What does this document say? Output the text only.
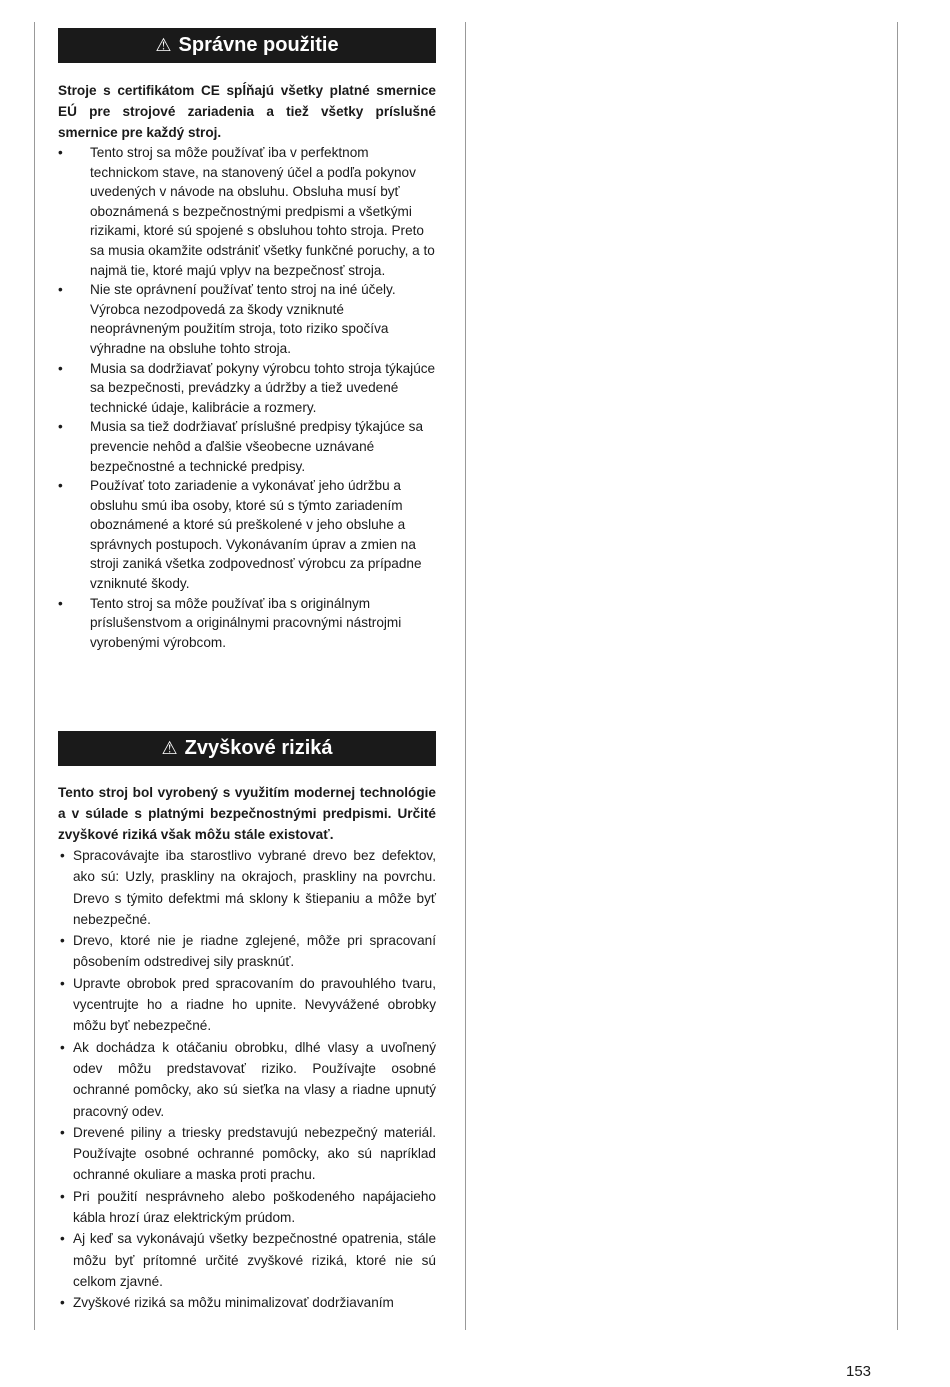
⚠ Správne použitie

Stroje s certifikátom CE spĺňajú všetky platné smernice EÚ pre strojové zariadenia a tiež všetky príslušné smernice pre každý stroj.

• Tento stroj sa môže používať iba v perfektnom technickom stave, na stanovený účel a podľa pokynov uvedených v návode na obsluhu. Obsluha musí byť oboznámená s bezpečnostnými predpismi a všetkými rizikami, ktoré sú spojené s obsluhou tohto stroja. Preto sa musia okamžite odstrániť všetky funkčné poruchy, a to najmä tie, ktoré majú vplyv na bezpečnosť stroja.
• Nie ste oprávnení používať tento stroj na iné účely. Výrobca nezodpovedá za škody vzniknuté neoprávneným použitím stroja, toto riziko spočíva výhradne na obsluhe tohto stroja.
• Musia sa dodržiavať pokyny výrobcu tohto stroja týkajúce sa bezpečnosti, prevádzky a údržby a tiež uvedené technické údaje, kalibrácie a rozmery.
• Musia sa tiež dodržiavať príslušné predpisy týkajúce sa prevencie nehôd a ďalšie všeobecne uznávané bezpečnostné a technické predpisy.
• Používať toto zariadenie a vykonávať jeho údržbu a obsluhu smú iba osoby, ktoré sú s týmto zariadením oboznámené a ktoré sú preškolené v jeho obsluhe a správnych postupoch. Vykonávaním úprav a zmien na stroji zaniká všetka zodpovednosť výrobcu za prípadne vzniknuté škody.
• Tento stroj sa môže používať iba s originálnym príslušenstvom a originálnymi pracovnými nástrojmi vyrobenými výrobcom.
⚠ Zvyškové riziká

Tento stroj bol vyrobený s využitím modernej technológie a v súlade s platnými bezpečnostnými predpismi. Určité zvyškové riziká však môžu stále existovať.

• Spracovávajte iba starostlivo vybrané drevo bez defektov, ako sú: Uzly, praskliny na okrajoch, praskliny na povrchu. Drevo s týmito defektmi má sklony k štiepaniu a môže byť nebezpečné.
• Drevo, ktoré nie je riadne zglejené, môže pri spracovaní pôsobením odstredivej sily prasknúť.
• Upravte obrobok pred spracovaním do pravouhlého tvaru, vycentrujte ho a riadne ho upnite. Nevyvážené obrobky môžu byť nebezpečné.
• Ak dochádza k otáčaniu obrobku, dlhé vlasy a uvoľnený odev môžu predstavovať riziko. Používajte osobné ochranné pomôcky, ako sú sieťka na vlasy a riadne upnutý pracovný odev.
• Drevené piliny a triesky predstavujú nebezpečný materiál. Používajte osobné ochranné pomôcky, ako sú napríklad ochranné okuliare a maska proti prachu.
• Pri použití nesprávneho alebo poškodeného napájacieho kábla hrozí úraz elektrickým prúdom.
• Aj keď sa vykonávajú všetky bezpečnostné opatrenia, stále môžu byť prítomné určité zvyškové riziká, ktoré nie sú celkom zjavné.
• Zvyškové riziká sa môžu minimalizovať dodržiavaním
153
